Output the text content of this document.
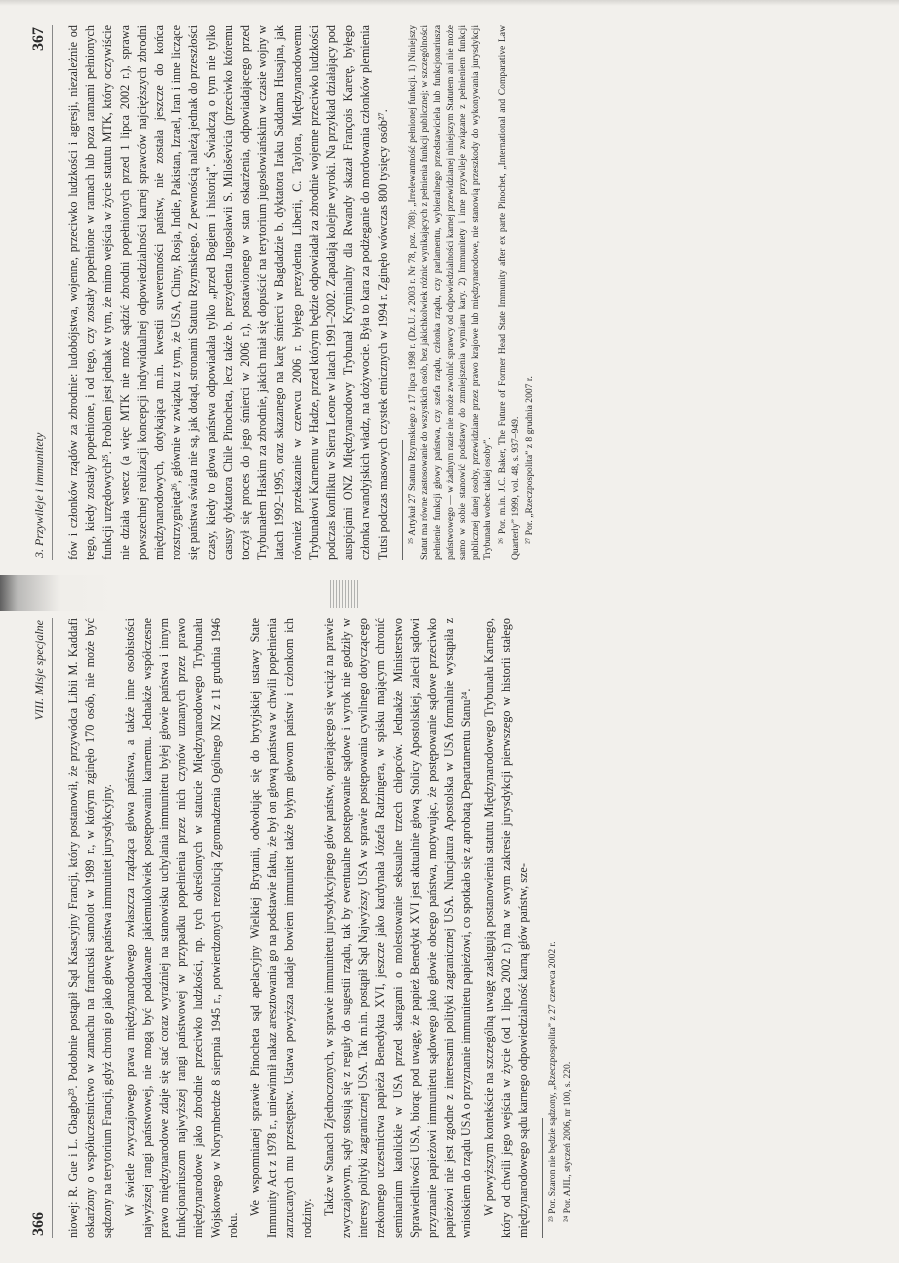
366
VIII. Misje specjalne niowej: R. Gue i L. Gbagbo²³. Podobnie postąpił Sąd Kasacyjny Francji, który postanowił, że przywódca Libii M. Kaddafi oskarżony o współuczestnictwo w zamachu na francuski samolot w 1989 r., w którym zginęło 170 osób, nie może być sądzony na terytorium Francji, gdyż chroni go jako głowę państwa immunitet jurysdykcyjny. W świetle zwyczajowego prawa międzynarodowego zwłaszcza rządząca głowa państwa, a także inne osobistości najwyższej rangi państwowej, nie mogą być poddawane jakiemukolwiek postępowaniu karnemu. Jednakże współczesne prawo międzynarodowe zdaje się stać coraz wyraźniej na stanowisku uchylania immunitetu byłej głowie państwa i innym funkcjonariuszom najwyższej rangi państwowej w przypadku popełnienia przez nich czynów uznanych przez prawo międzynarodowe jako zbrodnie przeciwko ludzkości, np. tych określonych w statucie Międzynarodowego Trybunału Wojskowego w Norymberdze 8 sierpnia 1945 r., potwierdzonych rezolucją Zgromadzenia Ogólnego NZ z 11 grudnia 1946 roku.

We wspomnianej sprawie Pinocheta sąd apelacyjny Wielkiej Brytanii, odwołując się do brytyjskiej ustawy State Immunity Act z 1978 r., uniewinnił nakaz aresztowania go na podstawie faktu, że był on głową państwa w chwili popełnienia zarzucanych mu przestępstw. Ustawa powyższa nadaje bowiem immunitet także byłym głowom państw i członkom ich rodziny.

Także w Stanach Zjednoczonych, w sprawie immunitetu jurysdykcyjnego głów państw, opierającego się wciąż na prawie zwyczajowym, sądy stosują się z reguły do sugestii rządu, tak by ewentualne postępowanie sądowe i wyrok nie godziły w interesy polityki zagranicznej USA. Tak m.in. postąpił Sąd Najwyższy USA w sprawie postępowania cywilnego dotyczącego rzekomego uczestnictwa papieża Benedykta XVI, jeszcze jako kardynała Józefa Ratzingera, w spisku mającym chronić seminarium katolickie w USA przed skargami o molestowanie seksualne trzech chłopców. Jednakże Ministerstwo Sprawiedliwości USA, biorąc pod uwagę, że papież Benedykt XVI jest aktualnie głową Stolicy Apostolskiej, zalecił sądowi przyznanie papieżowi immunitetu sądowego jako głowie obcego państwa, motywując, że postępowanie sądowe przeciwko papieżowi nie jest zgodne z interesami polityki zagranicznej USA. Nuncjatura Apostolska w USA formalnie wystąpiła z wnioskiem do rządu USA o przyznanie immunitetu papieżowi, co spotkało się z aprobatą Departamentu Stanu²⁴. W powyższym kontekście na szczególną uwagę zasługują postanowienia statutu Międzynarodowego Trybunału Karnego, który od chwili jego wejścia w życie (od 1 lipca 2002 r.) ma w swym zakresie jurysdykcji pierwszego w historii stałego międzynarodowego sądu karnego odpowiedzialność karną głów państw, sze- ²³ Por. Szaron nie będzie sądzony, „Rzeczpospolita” z 27 czerwca 2002 r. ²⁴ Por. AJIL, styczeń 2006, nr 100, s. 220.

3. Przywileje i immunitety
367 fów i członków rządów za zbrodnie: ludobójstwa, wojenne, przeciwko ludzkości i agresji, niezależnie od tego, kiedy zostały popełnione, i od tego, czy zostały popełnione w ramach lub poza ramami pełnionych funkcji urzędowych²⁵. Problem jest jednak w tym, że mimo wejścia w życie statutu MTK, który oczywiście nie działa wstecz (a więc MTK nie może sądzić zbrodni popełnionych przed 1 lipca 2002 r.), sprawa powszechnej realizacji koncepcji indywidualnej odpowiedzialności karnej sprawców najcięższych zbrodni międzynarodowych, dotykająca m.in. kwestii suwerenności państw, nie została jeszcze do końca rozstrzygnięta²⁶, głównie w związku z tym, że USA, Chiny, Rosja, Indie, Pakistan, Izrael, Iran i inne liczące się państwa świata nie są, jak dotąd, stronami Statutu Rzymskiego. Z pewnością należą jednak do przeszłości czasy, kiedy to głowa państwa odpowiadała tylko „przed Bogiem i historią”. Świadczą o tym nie tylko casusy dyktatora Chile Pinocheta, lecz także b. prezydenta Jugosławii S. Miloševicia (przeciwko któremu toczył się proces do jego śmierci w 2006 r.), postawionego w stan oskarżenia, odpowiadającego przed Trybunałem Haskim za zbrodnie, jakich miał się dopuścić na terytorium jugosłowiańskim w czasie wojny w latach 1992–1995, oraz skazanego na karę śmierci w Bagdadzie b. dyktatora Iraku Saddama Husajna, jak również przekazanie w czerwcu 2006 r. byłego prezydenta Liberii, C. Taylora, Międzynarodowemu Trybunałowi Karnemu w Hadze, przed którym będzie odpowiadał za zbrodnie wojenne przeciwko ludzkości podczas konfliktu w Sierra Leone w latach 1991–2002. Zapadają kolejne wyroki. Na przykład działający pod auspicjami ONZ Międzynarodowy Trybunał Kryminalny dla Rwandy skazał François Karerę, byłego członka rwandyjskich władz, na dożywocie. Była to kara za podżeganie do mordowania członków plemienia Tutsi podczas masowych czystek etnicznych w 1994 r. Zginęło wówczas 800 tysięcy osób²⁷. ²⁵ Artykuł 27 Statutu Rzymskiego z 17 lipca 1998 r. (Dz.U. z 2003 r. Nr 78, poz. 708): „Irrelewantność pełnionej funkcji. 1) Niniejszy Statut ma równe zastosowanie do wszystkich osób, bez jakichkolwiek różnic wynikających z pełnienia funkcji publicznej; w szczególności pełnienie funkcji głowy państwa, czy szefa rządu, członka rządu, czy parlamentu, wybieralnego przedstawiciela lub funkcjonariusza państwowego — w żadnym razie nie może zwolnić sprawcy od odpowiedzialności karnej przewidzianej niniejszym Statutem ani nie może samo w sobie stanowić podstawy do zmniejszenia wymiaru kary. 2) Immunitety i inne przywileje związane z pełnieniem funkcji publicznej danej osoby, przewidziane przez prawo krajowe lub międzynarodowe, nie stanowią przeszkody do wykonywania jurysdykcji Trybunału wobec takiej osoby”. ²⁶ Por. m.in. J.C. Baker, The Future of Former Head State Immunity after ex parte Pinochet, „International and Comparative Law Quarterly” 1999, vol. 48, s. 937–949. ²⁷ Por. „Rzeczpospolita” z 8 grudnia 2007 r.
